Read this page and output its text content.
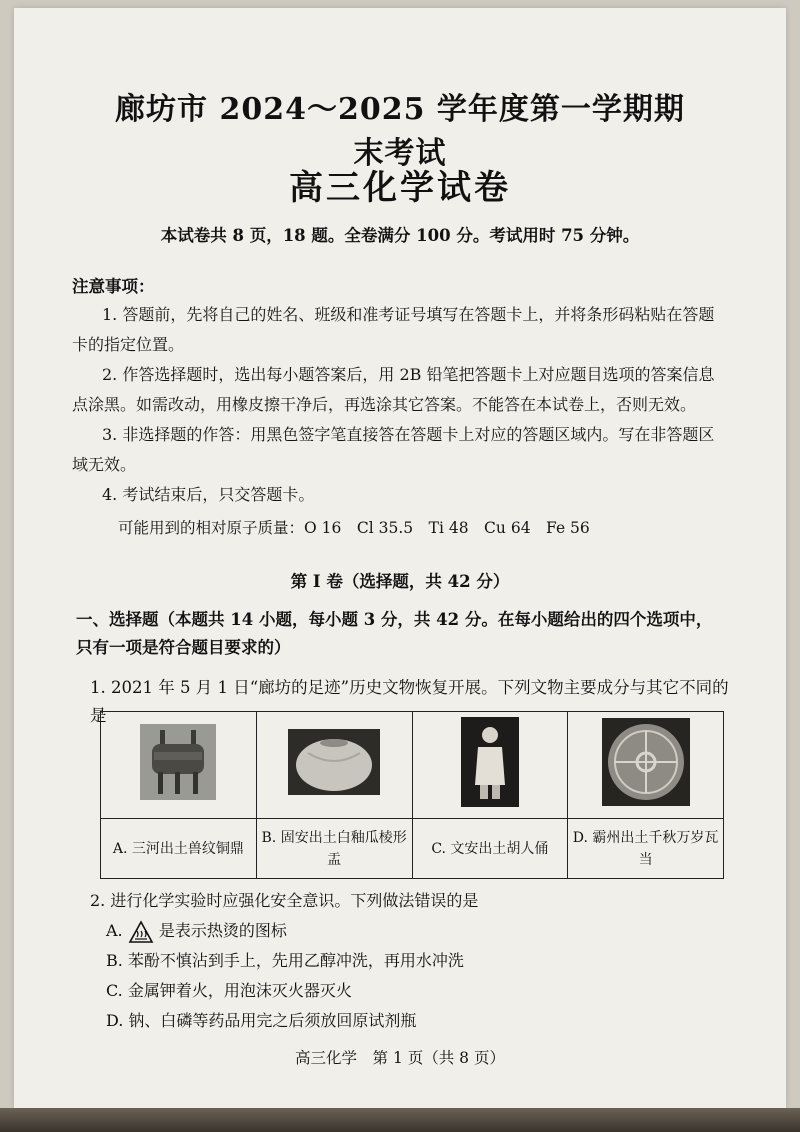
廊坊市 2024～2025 学年度第一学期期末考试
高三化学试卷
本试卷共 8 页，18 题。全卷满分 100 分。考试用时 75 分钟。
注意事项：

1. 答题前，先将自己的姓名、班级和准考证号填写在答题卡上，并将条形码粘贴在答题卡的指定位置。

2. 作答选择题时，选出每小题答案后，用 2B 铅笔把答题卡上对应题目选项的答案信息点涂黑。如需改动，用橡皮擦干净后，再选涂其它答案。不能答在本试卷上，否则无效。

3. 非选择题的作答：用黑色签字笔直接答在答题卡上对应的答题区域内。写在非答题区域无效。

4. 考试结束后，只交答题卡。

可能用到的相对原子质量：O 16　Cl 35.5　Ti 48　Cu 64　Fe 56
第 Ⅰ 卷（选择题，共 42 分）

一、选择题（本题共 14 小题，每小题 3 分，共 42 分。在每小题给出的四个选项中，只有一项是符合题目要求的）

1. 2021 年 5 月 1 日“廊坊的足迹”历史文物恢复开展。下列文物主要成分与其它不同的是

A. 三河出土兽纹铜鼎	B. 固安出土白釉瓜棱形盂	C. 文安出土胡人俑	D. 霸州出土千秋万岁瓦当

2. 进行化学实验时应强化安全意识。下列做法错误的是

A. 是表示热烫的图标

B. 苯酚不慎沾到手上，先用乙醇冲洗，再用水冲洗

C. 金属钾着火，用泡沫灭火器灭火

D. 钠、白磷等药品用完之后须放回原试剂瓶

高三化学　第 1 页（共 8 页）
